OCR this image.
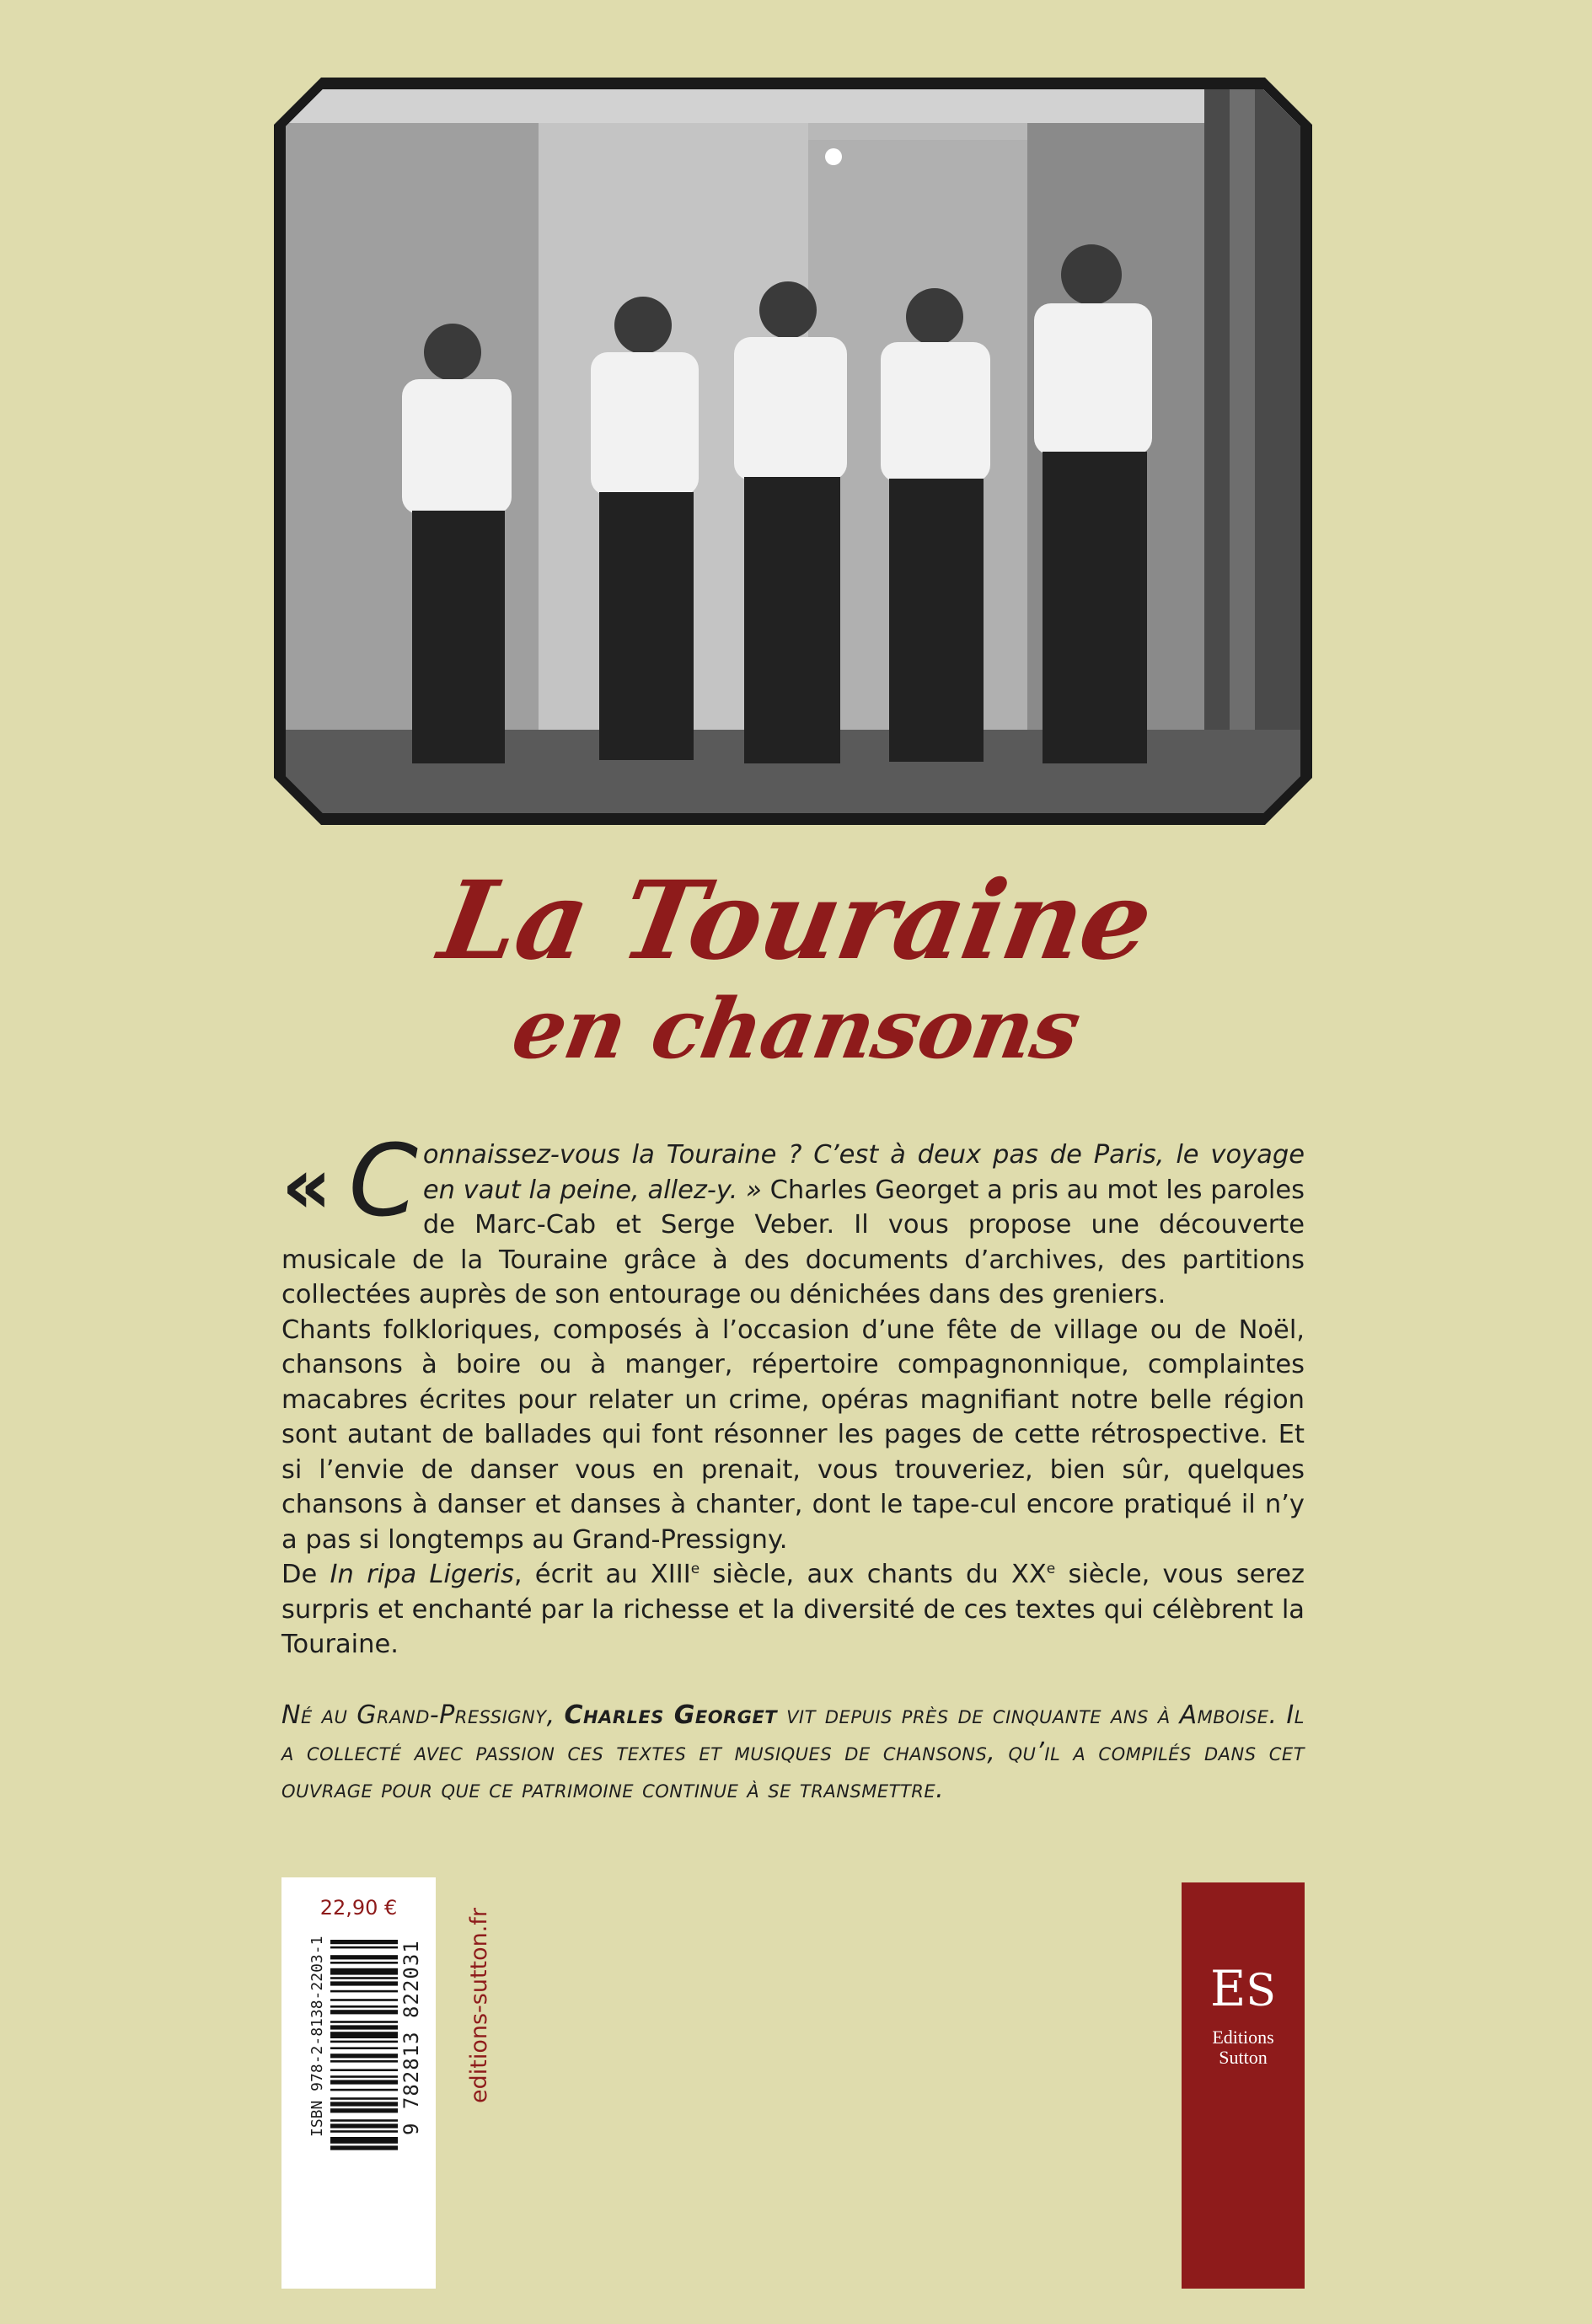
La Touraine
en chansons

« C onnaissez-vous la Touraine ? C’est à deux pas de Paris, le voyage en vaut la peine, allez-y. » Charles Georget a pris au mot les paroles de Marc-Cab et Serge Veber. Il vous propose une découverte musicale de la Touraine grâce à des documents d’archives, des partitions collectées auprès de son entourage ou dénichées dans des greniers.

Chants folkloriques, composés à l’occasion d’une fête de village ou de Noël, chansons à boire ou à manger, répertoire compagnonnique, complaintes macabres écrites pour relater un crime, opéras magnifiant notre belle région sont autant de ballades qui font résonner les pages de cette rétrospective. Et si l’envie de danser vous en prenait, vous trouveriez, bien sûr, quelques chansons à danser et danses à chanter, dont le tape-cul encore pratiqué il n’y a pas si longtemps au Grand-Pressigny.

De In ripa Ligeris, écrit au XIIIe siècle, aux chants du XXe siècle, vous serez surpris et enchanté par la richesse et la diversité de ces textes qui célèbrent la Touraine.

Né au Grand-Pressigny, Charles Georget vit depuis près de cinquante ans à Amboise. Il a collecté avec passion ces textes et musiques de chansons, qu’il a compilés dans cet ouvrage pour que ce patrimoine continue à se transmettre.
22,90 €
ISBN 978-2-8138-2203-1	9 782813 822031 editions-sutton.fr	ES
Editions
Sutton
